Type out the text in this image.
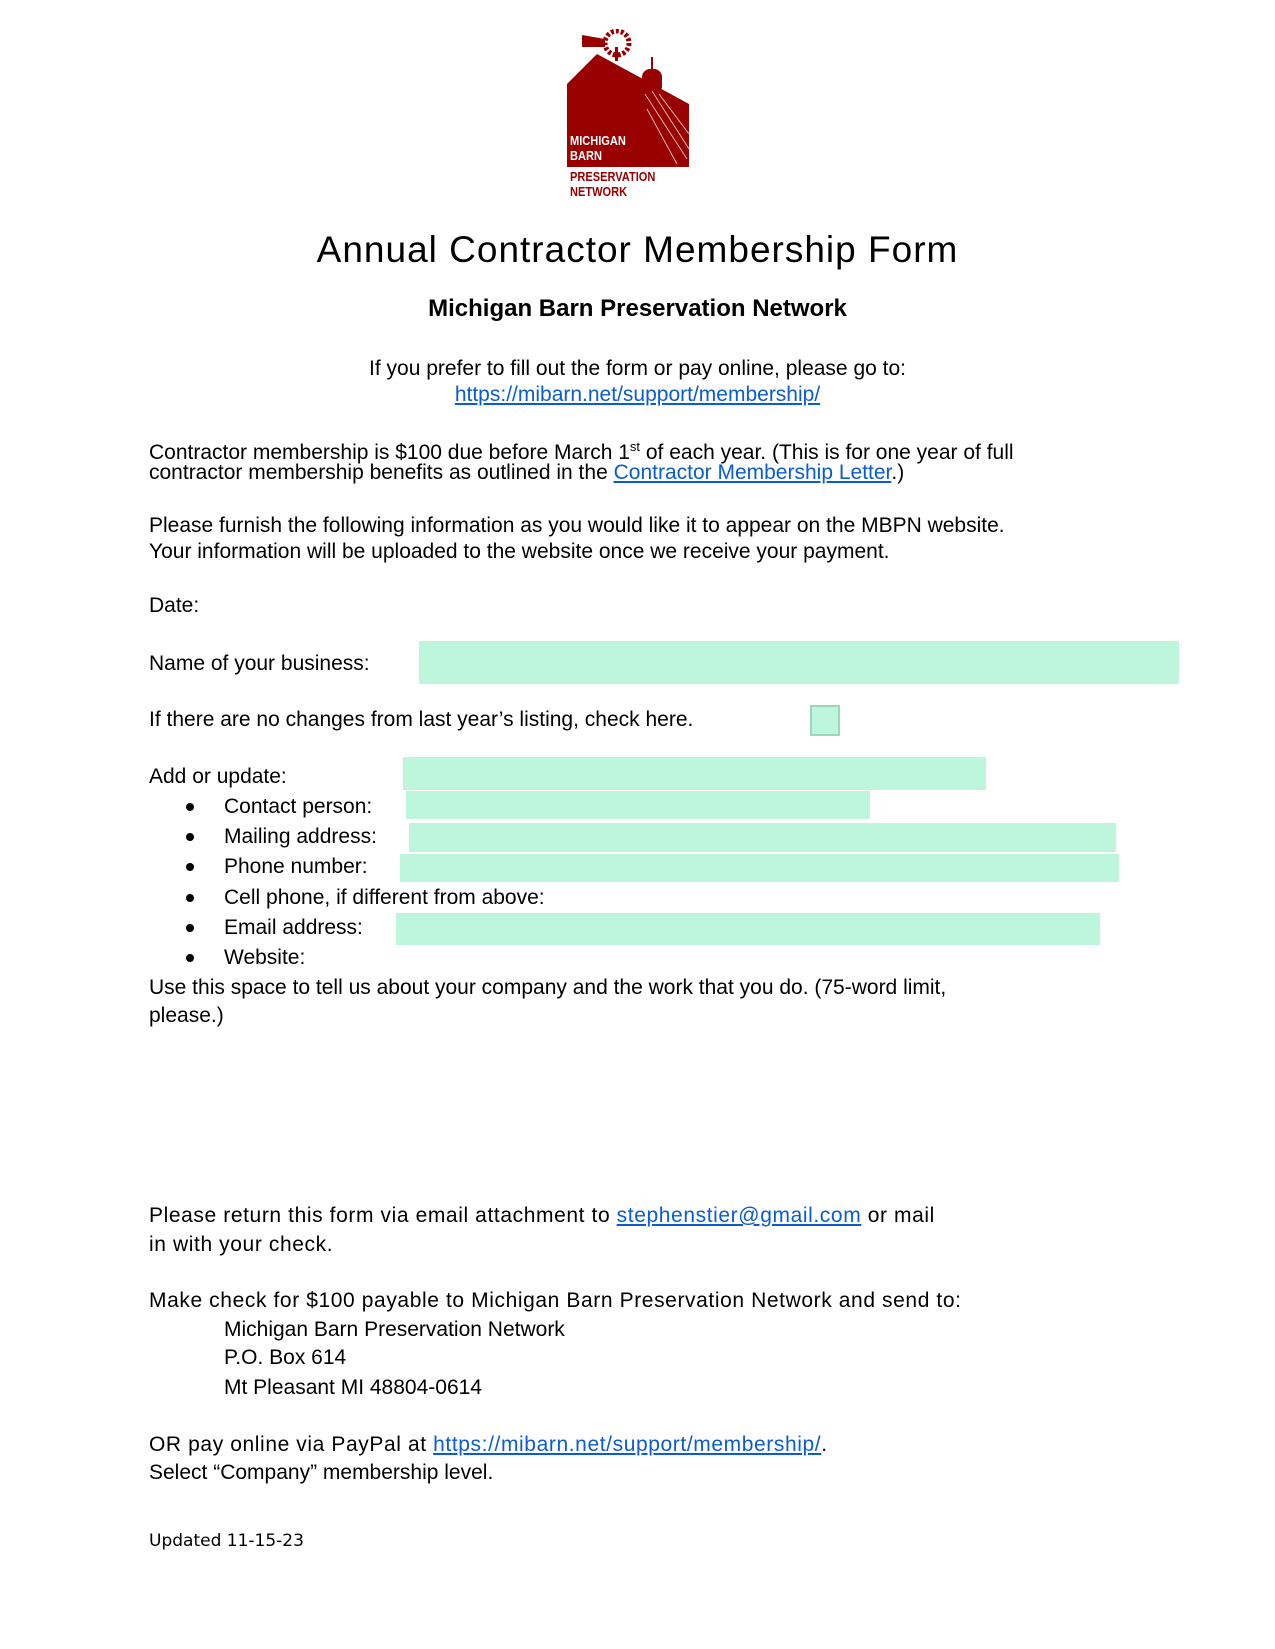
MICHIGAN
BARN
PRESERVATION
NETWORK
Annual Contractor Membership Form
Michigan Barn Preservation Network
If you prefer to fill out the form or pay online, please go to:
https://mibarn.net/support/membership/
Contractor membership is $100 due before March 1st of each year. (This is for one year of full
contractor membership benefits as outlined in the Contractor Membership Letter.)
Please furnish the following information as you would like it to appear on the MBPN website.
Your information will be uploaded to the website once we receive your payment.
Date:
Name of your business:
If there are no changes from last year’s listing, check here.
Add or update:
Contact person:
Mailing address:
Phone number:
Cell phone, if different from above:
Email address:
Website:
Use this space to tell us about your company and the work that you do. (75-word limit,
please.)
Please return this form via email attachment to stephenstier@gmail.com or mail
in with your check.
Make check for $100 payable to Michigan Barn Preservation Network and send to:
Michigan Barn Preservation Network
P.O. Box 614
Mt Pleasant MI 48804-0614
OR pay online via PayPal at https://mibarn.net/support/membership/.
Select “Company” membership level.
Updated 11-15-23
